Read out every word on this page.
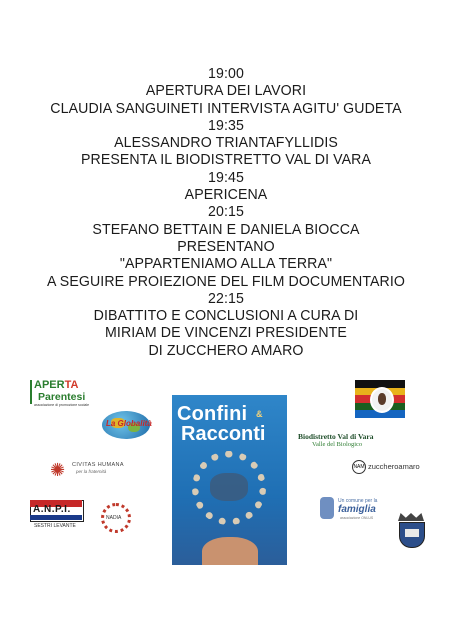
19:00
APERTURA DEI LAVORI
CLAUDIA SANGUINETI INTERVISTA AGITU' GUDETA
19:35
ALESSANDRO TRIANTAFYLLIDIS
PRESENTA IL BIODISTRETTO VAL DI VARA
19:45
APERICENA
20:15
STEFANO BETTAIN E DANIELA BIOCCA
PRESENTANO
"APPARTENIAMO ALLA TERRA"
A SEGUIRE PROIEZIONE DEL FILM DOCUMENTARIO
22:15
DIBATTITO E CONCLUSIONI A CURA DI
MIRIAM DE VINCENZI PRESIDENTE
DI ZUCCHERO AMARO
APERTA
Parentesi
associazione di promozione sociale
La Globalità Confini &
Racconti	Biodistretto Val di Vara
Valle del Biologico
✺ CIVITAS HUMANA
per la fraternità
NAM zuccheroamaro
A.N.P.I.
SESTRI LEVANTE
NADIA
Un comune per la
famiglia
associazione ONLUS
